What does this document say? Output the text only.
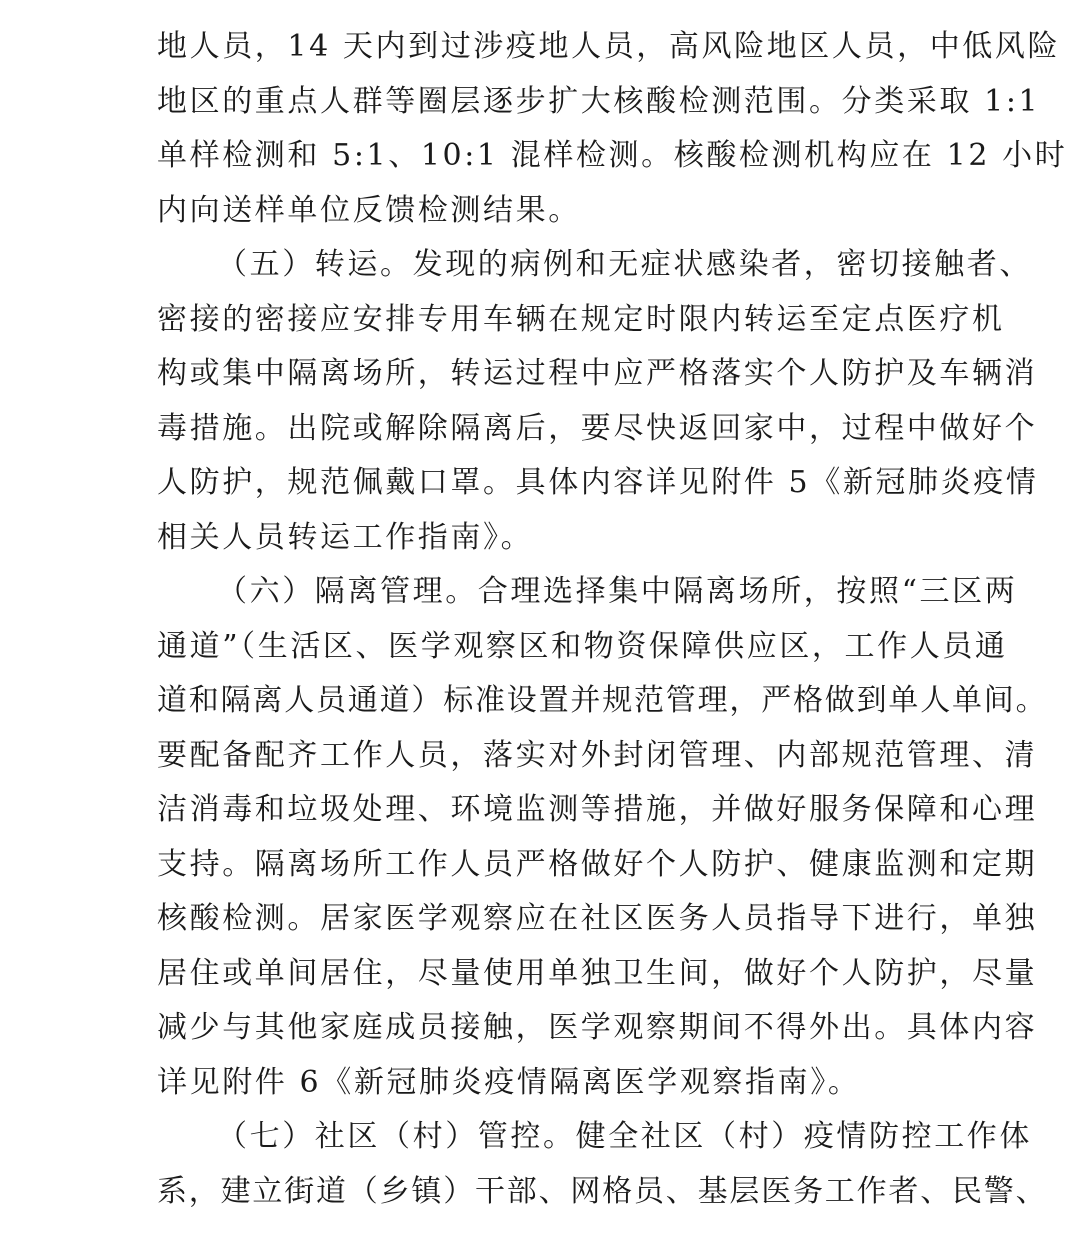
地人员，14 天内到过涉疫地人员，高风险地区人员，中低风险
地区的重点人群等圈层逐步扩大核酸检测范围。分类采取 1:1
单样检测和 5:1、10:1 混样检测。核酸检测机构应在 12 小时
内向送样单位反馈检测结果。
（五）转运。发现的病例和无症状感染者，密切接触者、
密接的密接应安排专用车辆在规定时限内转运至定点医疗机
构或集中隔离场所，转运过程中应严格落实个人防护及车辆消
毒措施。出院或解除隔离后，要尽快返回家中，过程中做好个
人防护，规范佩戴口罩。具体内容详见附件 5《新冠肺炎疫情
相关人员转运工作指南》。
（六）隔离管理。合理选择集中隔离场所，按照“三区两
通道”（生活区、医学观察区和物资保障供应区，工作人员通
道和隔离人员通道）标准设置并规范管理，严格做到单人单间。
要配备配齐工作人员，落实对外封闭管理、内部规范管理、清
洁消毒和垃圾处理、环境监测等措施，并做好服务保障和心理
支持。隔离场所工作人员严格做好个人防护、健康监测和定期
核酸检测。居家医学观察应在社区医务人员指导下进行，单独
居住或单间居住，尽量使用单独卫生间，做好个人防护，尽量
减少与其他家庭成员接触，医学观察期间不得外出。具体内容
详见附件 6《新冠肺炎疫情隔离医学观察指南》。
（七）社区（村）管控。健全社区（村）疫情防控工作体
系，建立街道（乡镇）干部、网格员、基层医务工作者、民警、
